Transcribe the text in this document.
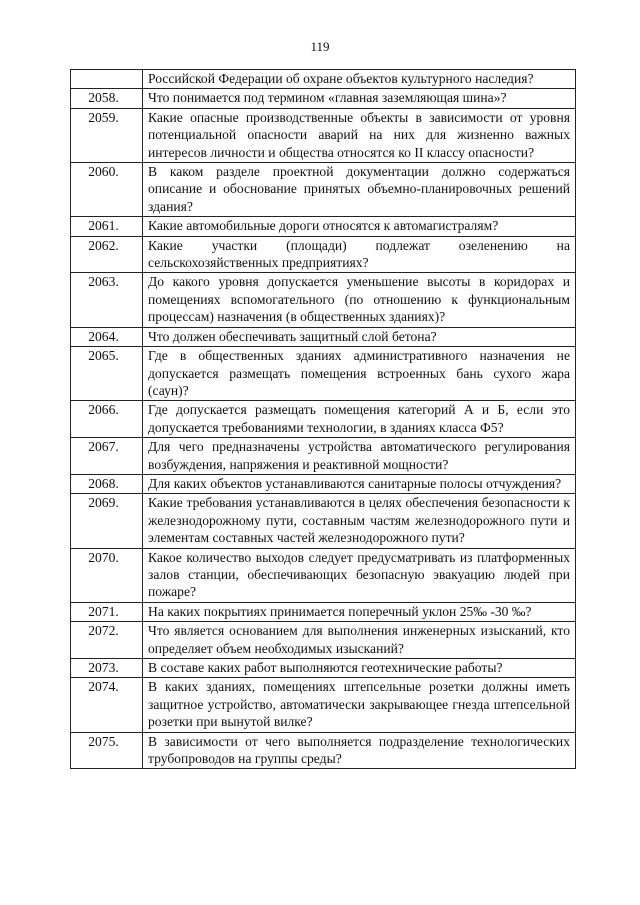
119
	Российской Федерации об охране объектов культурного наследия?
2058.	Что понимается под термином «главная заземляющая шина»?
2059.	Какие опасные производственные объекты в зависимости от уровня потенциальной опасности аварий на них для жизненно важных интересов личности и общества относятся ко II классу опасности?
2060.	В каком разделе проектной документации должно содержаться описание и обоснование принятых объемно-планировочных решений здания?
2061.	Какие автомобильные дороги относятся к автомагистралям?
2062.	Какие участки (площади) подлежат озеленению на сельскохозяйственных предприятиях?
2063.	До какого уровня допускается уменьшение высоты в коридорах и помещениях вспомогательного (по отношению к функциональным процессам) назначения (в общественных зданиях)?
2064.	Что должен обеспечивать защитный слой бетона?
2065.	Где в общественных зданиях административного назначения не допускается размещать помещения встроенных бань сухого жара (саун)?
2066.	Где допускается размещать помещения категорий А и Б, если это допускается требованиями технологии, в зданиях класса Ф5?
2067.	Для чего предназначены устройства автоматического регулирования возбуждения, напряжения и реактивной мощности?
2068.	Для каких объектов устанавливаются санитарные полосы отчуждения?
2069.	Какие требования устанавливаются в целях обеспечения безопасности к железнодорожному пути, составным частям железнодорожного пути и элементам составных частей железнодорожного пути?
2070.	Какое количество выходов следует предусматривать из платформенных залов станции, обеспечивающих безопасную эвакуацию людей при пожаре?
2071.	На каких покрытиях принимается поперечный уклон 25‰ -30 ‰?
2072.	Что является основанием для выполнения инженерных изысканий, кто определяет объем необходимых изысканий?
2073.	В составе каких работ выполняются геотехнические работы?
2074.	В каких зданиях, помещениях штепсельные розетки должны иметь защитное устройство, автоматически закрывающее гнезда штепсельной розетки при вынутой вилке?
2075.	В зависимости от чего выполняется подразделение технологических трубопроводов на группы среды?
